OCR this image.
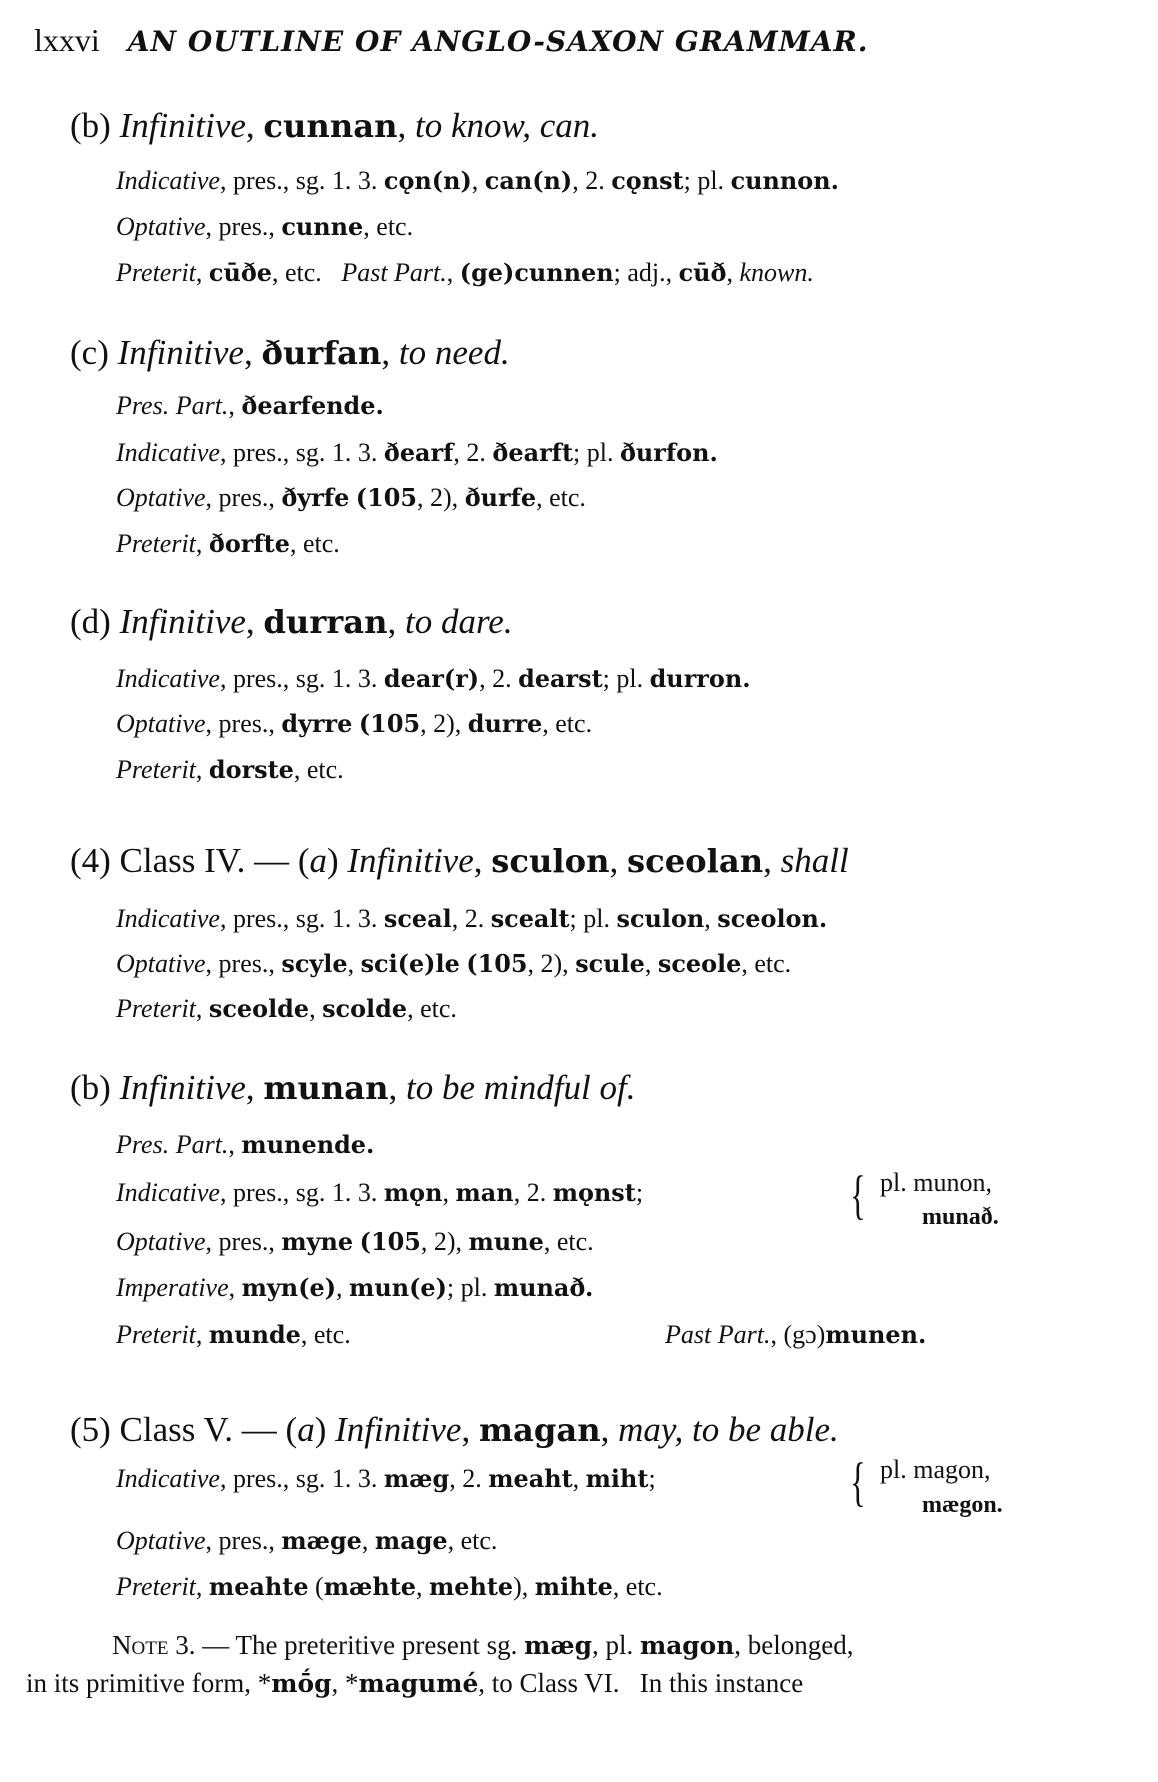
lxxvi AN OUTLINE OF ANGLO-SAXON GRAMMAR.
(b) Infinitive, cunnan, to know, can.
Indicative, pres., sg. 1. 3. cǫn(n), can(n), 2. cǫnst; pl. cunnon.
Optative, pres., cunne, etc.
Preterit, cūðe, etc.   Past Part., (ge)cunnen; adj., cūð, known.
(c) Infinitive, ðurfan, to need.
Pres. Part., ðearfende.
Indicative, pres., sg. 1. 3. ðearf, 2. ðearft; pl. ðurfon.
Optative, pres., ðyrfe (105, 2), ðurfe, etc.
Preterit, ðorfte, etc.
(d) Infinitive, durran, to dare.
Indicative, pres., sg. 1. 3. dear(r), 2. dearst; pl. durron.
Optative, pres., dyrre (105, 2), durre, etc.
Preterit, dorste, etc.
(4) Class IV. — (a) Infinitive, sculon, sceolan, shall
Indicative, pres., sg. 1. 3. sceal, 2. scealt; pl. sculon, sceolon.
Optative, pres., scyle, sci(e)le (105, 2), scule, sceole, etc.
Preterit, sceolde, scolde, etc.
(b) Infinitive, munan, to be mindful of.
Pres. Part., munende.
Indicative, pres., sg. 1. 3. mǫn, man, 2. mǫnst;
Optative, pres., myne (105, 2), mune, etc.
Imperative, myn(e), mun(e); pl. munað.
Preterit, munde, etc.	Past Part., (gɔ)munen.
(5) Class V. — (a) Infinitive, magan, may, to be able.
Indicative, pres., sg. 1. 3. mæg, 2. meaht, miht;
Optative, pres., mæge, mage, etc.
Preterit, meahte (mæhte, mehte), mihte, etc.
Note 3. — The preteritive present sg. mæg, pl. magon, belonged,
in its primitive form, *mṓg, *magumé, to Class VI.   In this instance
{ pl. munon,
munað.
{ pl. magon,
mægon.
